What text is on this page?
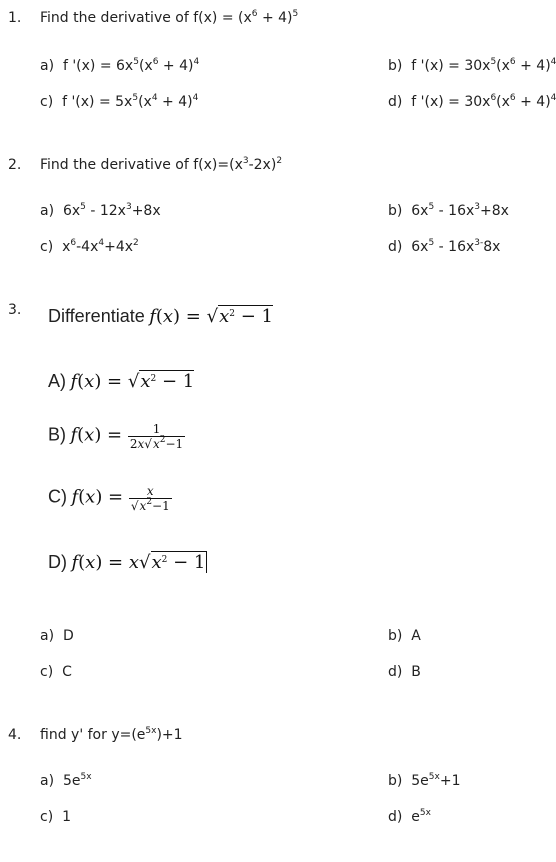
1. Find the derivative of $f(x) = (x^6 + 4)^5$
a) f '$(x) = 6x^5(x^6 + 4)^4$	b) f '$(x) = 30x^5(x^6 + 4)^4$
c) f '$(x) = 5x^5(x^4 + 4)^4$	d) f '$(x) = 30x^6(x^6 + 4)^4$
2. Find the derivative of $f(x)=(x^3-2x)^2$
a) $6x^5 - 12x^3+8x$	b) $6x^5 - 16x^3+8x$
c) $x^6-4x^4+4x^2$	d) $6x^5 - 16x^{3-}8x$
3. Differentiate $f(x) = √x^2 - 1$
A) $f(x) = √x^2 - 1$
B) $f(x) = \frac{1}{2x√x^2-1}$
C) $f(x) = \frac{x}{√x^2-1}$
D) $f(x) = x√x^2 - 1$
a) D	b) A
c) C	d) B
4. find y' for $y=(e^{5x})+1$
a) $5e^{5x}$	b) $5e^{5x}+1$
c) 1	d) $e^{5x}$
